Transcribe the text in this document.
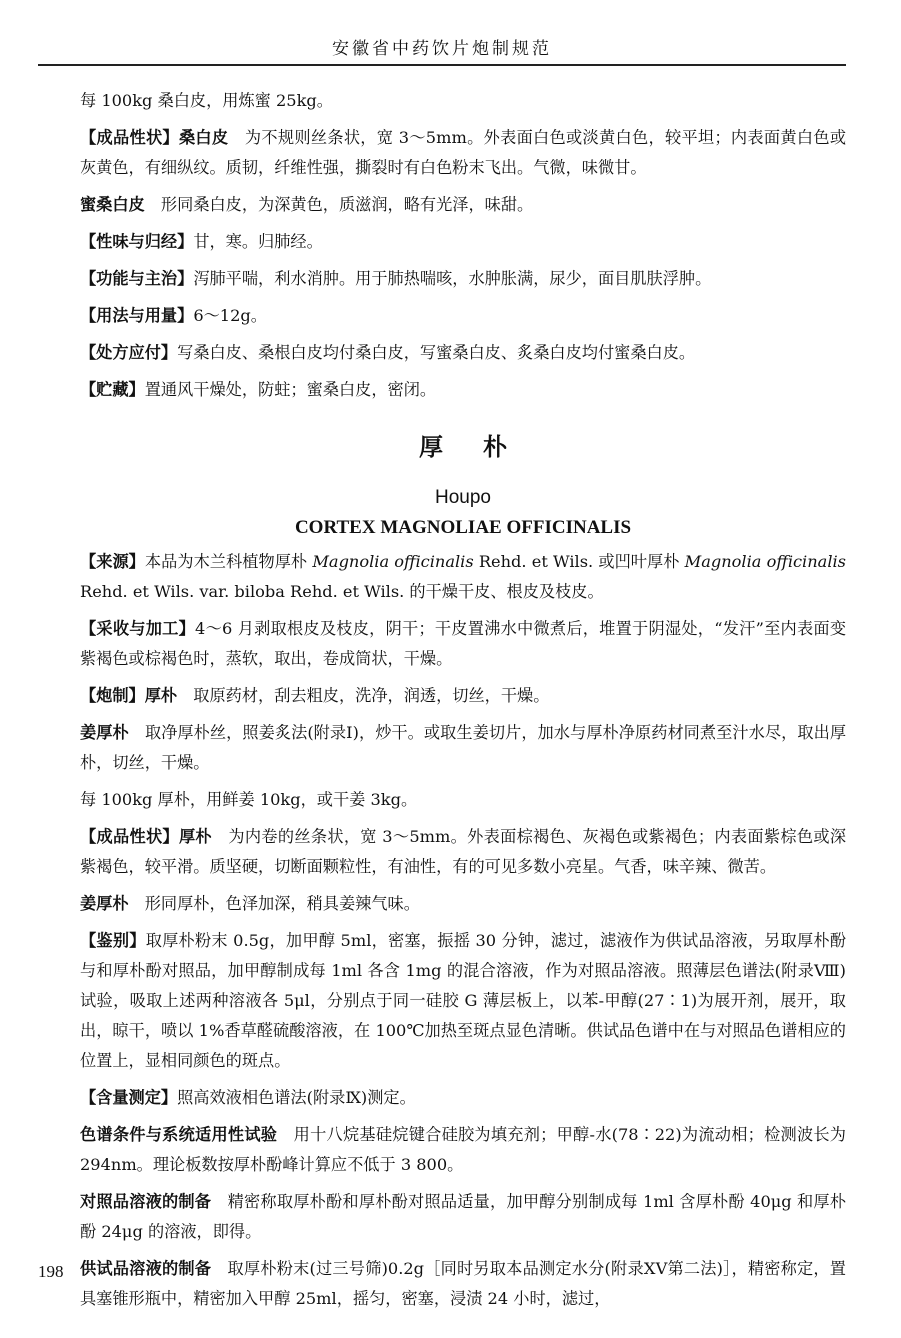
安徽省中药饮片炮制规范

每 100kg 桑白皮，用炼蜜 25kg。

【成品性状】桑白皮　为不规则丝条状，宽 3～5mm。外表面白色或淡黄白色，较平坦；内表面黄白色或灰黄色，有细纵纹。质韧，纤维性强，撕裂时有白色粉末飞出。气微，味微甘。

蜜桑白皮　形同桑白皮，为深黄色，质滋润，略有光泽，味甜。

【性味与归经】甘，寒。归肺经。

【功能与主治】泻肺平喘，利水消肿。用于肺热喘咳，水肿胀满，尿少，面目肌肤浮肿。

【用法与用量】6～12g。

【处方应付】写桑白皮、桑根白皮均付桑白皮，写蜜桑白皮、炙桑白皮均付蜜桑白皮。

【贮藏】置通风干燥处，防蛀；蜜桑白皮，密闭。

厚朴
Houpo
CORTEX MAGNOLIAE OFFICINALIS

【来源】本品为木兰科植物厚朴 Magnolia officinalis Rehd. et Wils. 或凹叶厚朴 Magnolia officinalis Rehd. et Wils. var. biloba Rehd. et Wils. 的干燥干皮、根皮及枝皮。

【采收与加工】4～6 月剥取根皮及枝皮，阴干；干皮置沸水中微煮后，堆置于阴湿处，“发汗”至内表面变紫褐色或棕褐色时，蒸软，取出，卷成筒状，干燥。

【炮制】厚朴　取原药材，刮去粗皮，洗净，润透，切丝，干燥。

姜厚朴　取净厚朴丝，照姜炙法(附录Ⅰ)，炒干。或取生姜切片，加水与厚朴净原药材同煮至汁水尽，取出厚朴，切丝，干燥。

每 100kg 厚朴，用鲜姜 10kg，或干姜 3kg。

【成品性状】厚朴　为内卷的丝条状，宽 3～5mm。外表面棕褐色、灰褐色或紫褐色；内表面紫棕色或深紫褐色，较平滑。质坚硬，切断面颗粒性，有油性，有的可见多数小亮星。气香，味辛辣、微苦。

姜厚朴　形同厚朴，色泽加深，稍具姜辣气味。

【鉴别】取厚朴粉末 0.5g，加甲醇 5ml，密塞，振摇 30 分钟，滤过，滤液作为供试品溶液，另取厚朴酚与和厚朴酚对照品，加甲醇制成每 1ml 各含 1mg 的混合溶液，作为对照品溶液。照薄层色谱法(附录Ⅷ)试验，吸取上述两种溶液各 5μl，分别点于同一硅胶 G 薄层板上，以苯-甲醇(27∶1)为展开剂，展开，取出，晾干，喷以 1%香草醛硫酸溶液，在 100℃加热至斑点显色清晰。供试品色谱中在与对照品色谱相应的位置上，显相同颜色的斑点。

【含量测定】照高效液相色谱法(附录Ⅸ)测定。

色谱条件与系统适用性试验　用十八烷基硅烷键合硅胶为填充剂；甲醇-水(78∶22)为流动相；检测波长为 294nm。理论板数按厚朴酚峰计算应不低于 3 800。

对照品溶液的制备　精密称取厚朴酚和厚朴酚对照品适量，加甲醇分别制成每 1ml 含厚朴酚 40μg 和厚朴酚 24μg 的溶液，即得。

供试品溶液的制备　取厚朴粉末(过三号筛)0.2g［同时另取本品测定水分(附录ⅩⅤ第二法)］，精密称定，置具塞锥形瓶中，精密加入甲醇 25ml，摇匀，密塞，浸渍 24 小时，滤过，

198
